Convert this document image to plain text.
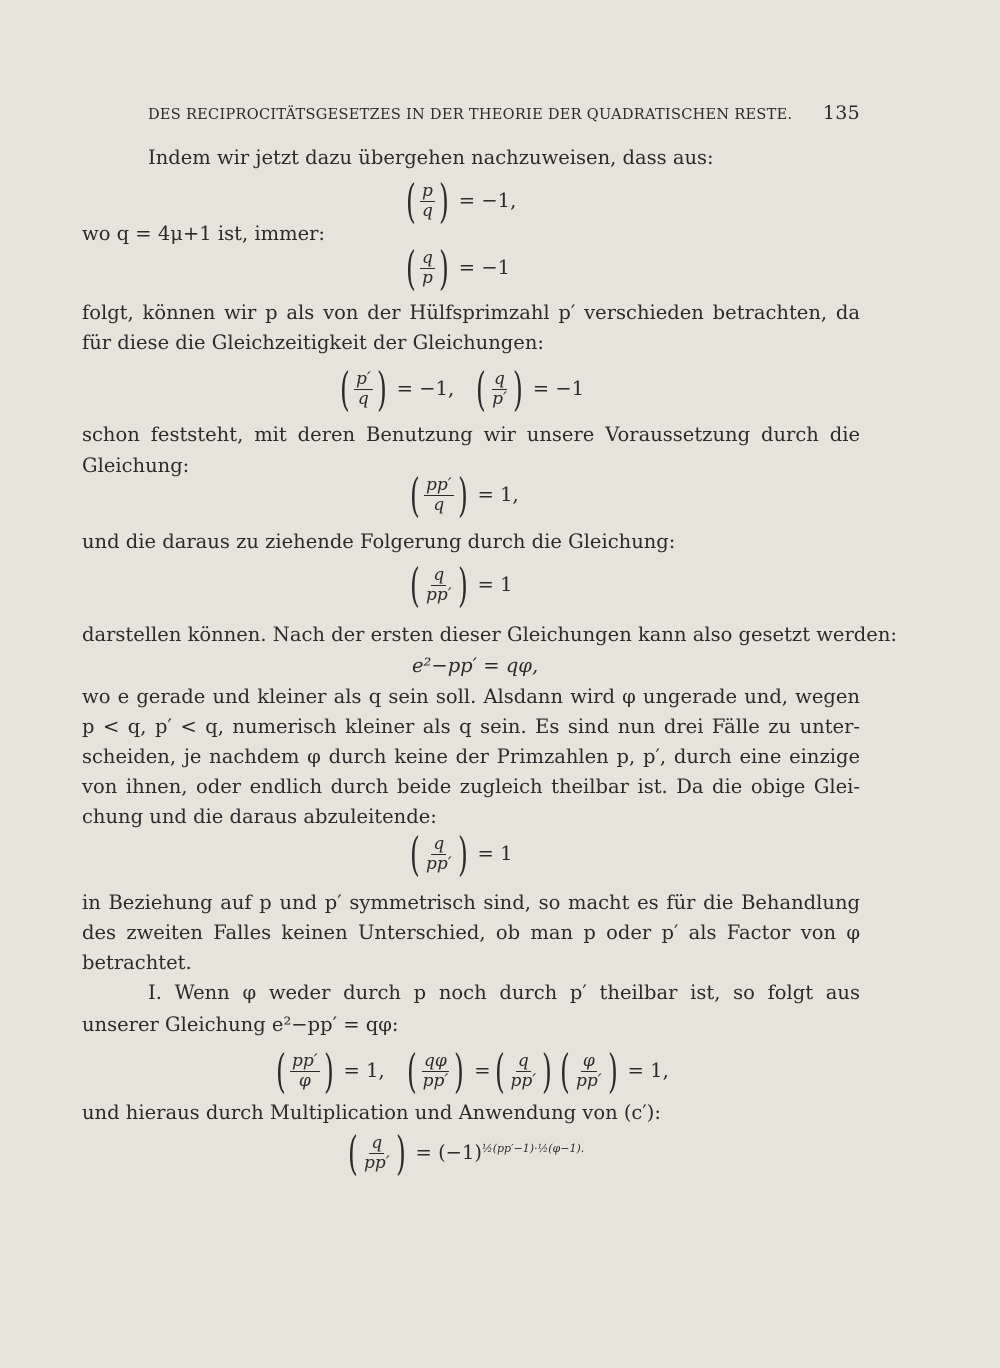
DES RECIPROCITÄTSGESETZES IN DER THEORIE DER QUADRATISCHEN RESTE. 135
Indem wir jetzt dazu übergehen nachzuweisen, dass aus:
( $\frac{p}{q}$ ) = −1,
wo q = 4μ+1 ist, immer:
( $\frac{q}{p}$ ) = −1
folgt, können wir p als von der Hülfsprimzahl p′ verschieden betrachten, da
für diese die Gleichzeitigkeit der Gleichungen:
( $\frac{p'}{q}$ ) = −1, ( $\frac{q}{p'}$ ) = −1
schon feststeht, mit deren Benutzung wir unsere Voraussetzung durch die
Gleichung:
( $\frac{pp'}{q}$ ) = 1,
und die daraus zu ziehende Folgerung durch die Gleichung:
( $\frac{q}{pp'}$ ) = 1
darstellen können. Nach der ersten dieser Gleichungen kann also gesetzt werden:
e²−pp′ = qφ,
wo e gerade und kleiner als q sein soll. Alsdann wird φ ungerade und, wegen
p < q, p′ < q, numerisch kleiner als q sein. Es sind nun drei Fälle zu unter-
scheiden, je nachdem φ durch keine der Primzahlen p, p′, durch eine einzige
von ihnen, oder endlich durch beide zugleich theilbar ist. Da die obige Glei-
chung und die daraus abzuleitende:
( $\frac{q}{pp'}$ ) = 1
in Beziehung auf p und p′ symmetrisch sind, so macht es für die Behandlung
des zweiten Falles keinen Unterschied, ob man p oder p′ als Factor von φ
betrachtet.
I. Wenn φ weder durch p noch durch p′ theilbar ist, so folgt aus
unserer Gleichung e²−pp′ = qφ:
( $\frac{pp'}{\varphi}$ ) = 1, ( $\frac{q\varphi}{pp'}$ ) = ( $\frac{q}{pp'}$ ) ( $\frac{\varphi}{pp'}$ ) = 1,
und hieraus durch Multiplication und Anwendung von (c′):
( $\frac{q}{pp'}$ ) = $(-1)^{\frac{1}{2}(pp'-1)\cdot\frac{1}{2}(\varphi-1).}$
